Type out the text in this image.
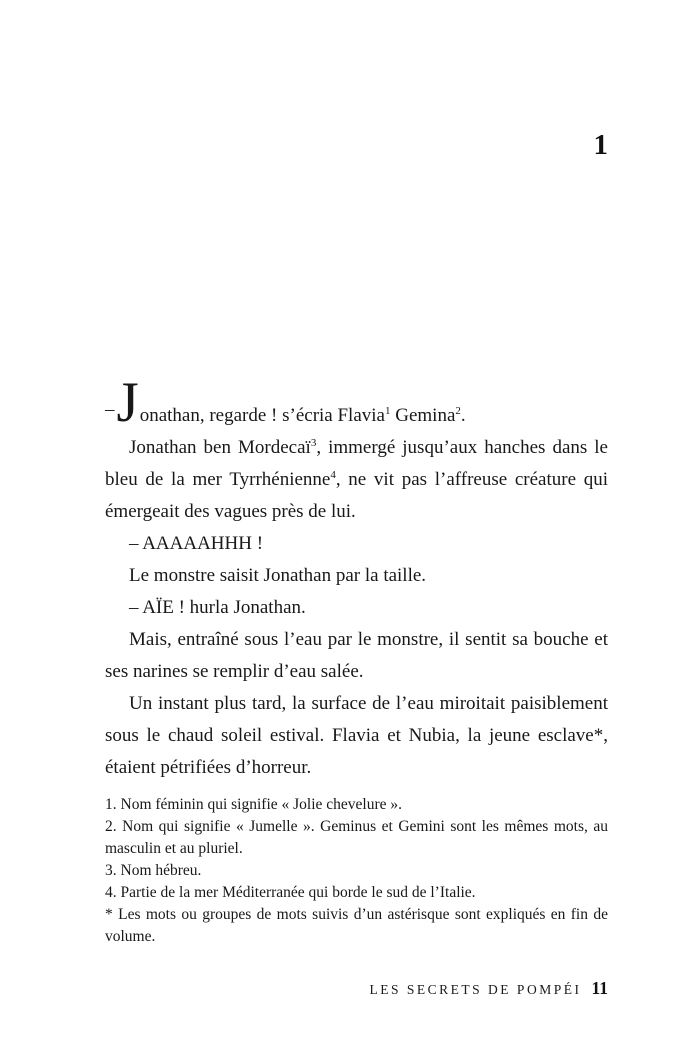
1

–Jonathan, regarde ! s’écria Flavia$^1$ Gemina$^2$.

Jonathan ben Mordecaï$^3$, immergé jusqu’aux hanches dans le bleu de la mer Tyrrhénienne$^4$, ne vit pas l’affreuse créature qui émergeait des vagues près de lui.

– AAAAAHHH !

Le monstre saisit Jonathan par la taille.

– AÏE ! hurla Jonathan.

Mais, entraîné sous l’eau par le monstre, il sentit sa bouche et ses narines se remplir d’eau salée.

Un instant plus tard, la surface de l’eau miroitait paisiblement sous le chaud soleil estival. Flavia et Nubia, la jeune esclave*, étaient pétrifiées d’horreur.

1. Nom féminin qui signifie « Jolie chevelure ».

2. Nom qui signifie « Jumelle ». Geminus et Gemini sont les mêmes mots, au masculin et au pluriel.

3. Nom hébreu.

4. Partie de la mer Méditerranée qui borde le sud de l’Italie.

* Les mots ou groupes de mots suivis d’un astérisque sont expliqués en fin de volume.

LES SECRETS DE POMPÉI 11
